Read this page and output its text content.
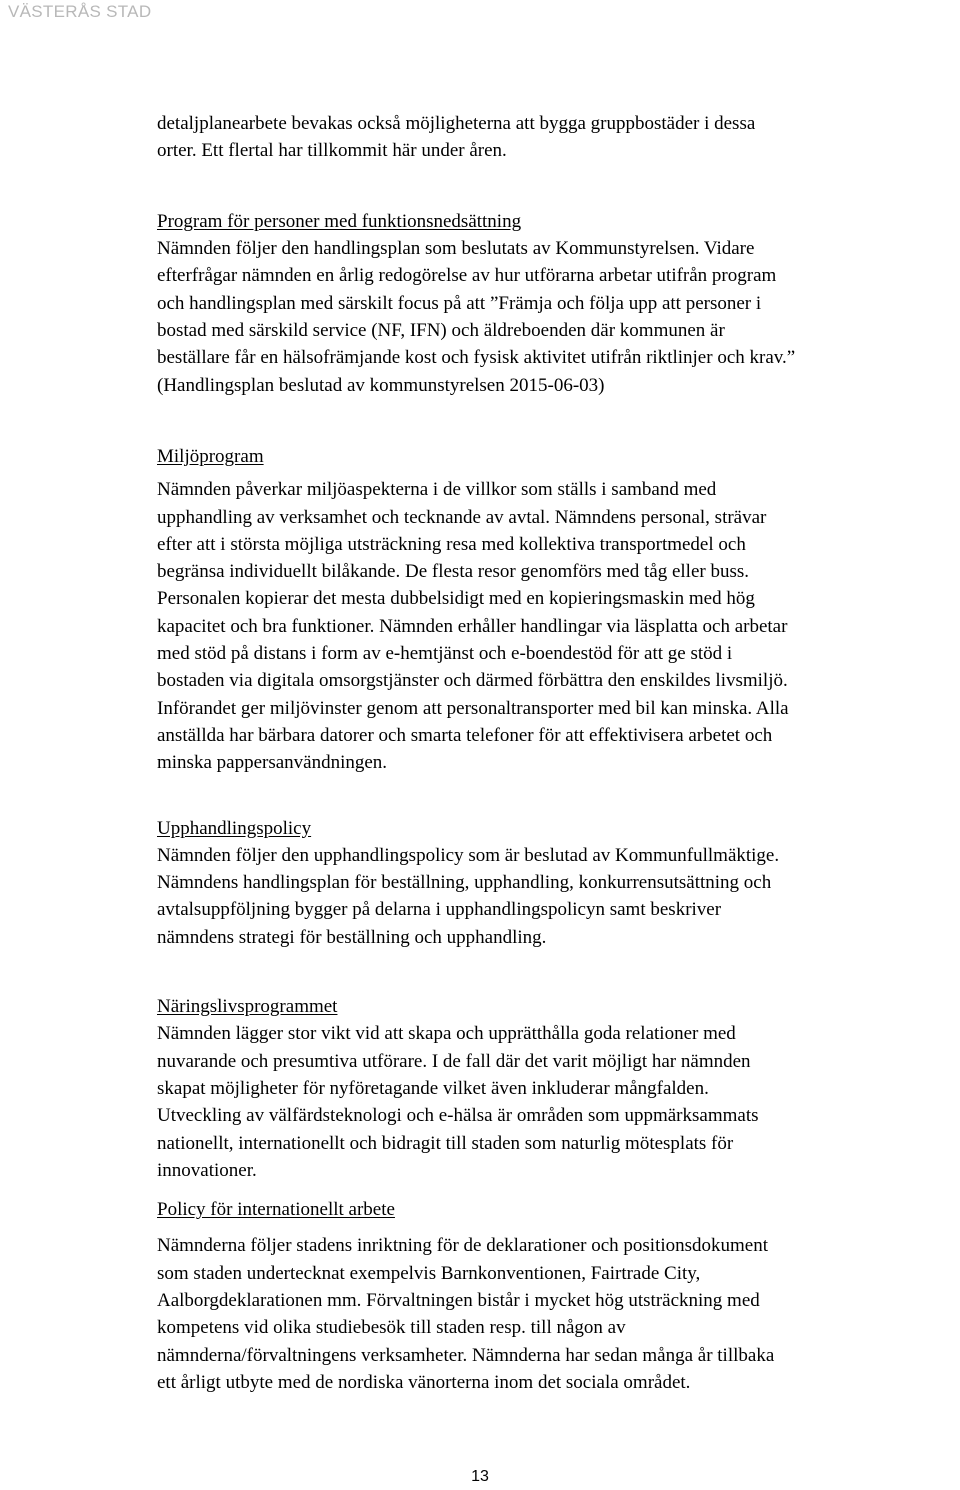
VÄSTERÅS STAD
detaljplanearbete bevakas också möjligheterna att bygga gruppbostäder i dessa
orter. Ett flertal har tillkommit här under åren.
Program för personer med funktionsnedsättning
Nämnden följer den handlingsplan som beslutats av Kommunstyrelsen. Vidare
efterfrågar nämnden en årlig redogörelse av hur utförarna arbetar utifrån program
och handlingsplan med särskilt focus på att ”Främja och följa upp att personer i
bostad med särskild service (NF, IFN) och äldreboenden där kommunen är
beställare får en hälsofrämjande kost och fysisk aktivitet utifrån riktlinjer och krav.”
(Handlingsplan beslutad av kommunstyrelsen 2015-06-03)
Miljöprogram
Nämnden påverkar miljöaspekterna i de villkor som ställs i samband med
upphandling av verksamhet och tecknande av avtal. Nämndens personal, strävar
efter att i största möjliga utsträckning resa med kollektiva transportmedel och
begränsa individuellt bilåkande. De flesta resor genomförs med tåg eller buss.
Personalen kopierar det mesta dubbelsidigt med en kopieringsmaskin med hög
kapacitet och bra funktioner. Nämnden erhåller handlingar via läsplatta och arbetar
med stöd på distans i form av e-hemtjänst och e-boendestöd för att ge stöd i
bostaden via digitala omsorgstjänster och därmed förbättra den enskildes livsmiljö.
Införandet ger miljövinster genom att personaltransporter med bil kan minska. Alla
anställda har bärbara datorer och smarta telefoner för att effektivisera arbetet och
minska pappersanvändningen.
Upphandlingspolicy
Nämnden följer den upphandlingspolicy som är beslutad av Kommunfullmäktige.
Nämndens handlingsplan för beställning, upphandling, konkurrensutsättning och
avtalsuppföljning bygger på delarna i upphandlingspolicyn samt beskriver
nämndens strategi för beställning och upphandling.
Näringslivsprogrammet
Nämnden lägger stor vikt vid att skapa och upprätthålla goda relationer med
nuvarande och presumtiva utförare. I de fall där det varit möjligt har nämnden
skapat möjligheter för nyföretagande vilket även inkluderar mångfalden.
Utveckling av välfärdsteknologi och e-hälsa är områden som uppmärksammats
nationellt, internationellt och bidragit till staden som naturlig mötesplats för
innovationer.
Policy för internationellt arbete
Nämnderna följer stadens inriktning för de deklarationer och positionsdokument
som staden undertecknat exempelvis Barnkonventionen, Fairtrade City,
Aalborgdeklarationen mm. Förvaltningen bistår i mycket hög utsträckning med
kompetens vid olika studiebesök till staden resp. till någon av
nämnderna/förvaltningens verksamheter. Nämnderna har sedan många år tillbaka
ett årligt utbyte med de nordiska vänorterna inom det sociala området.
13
